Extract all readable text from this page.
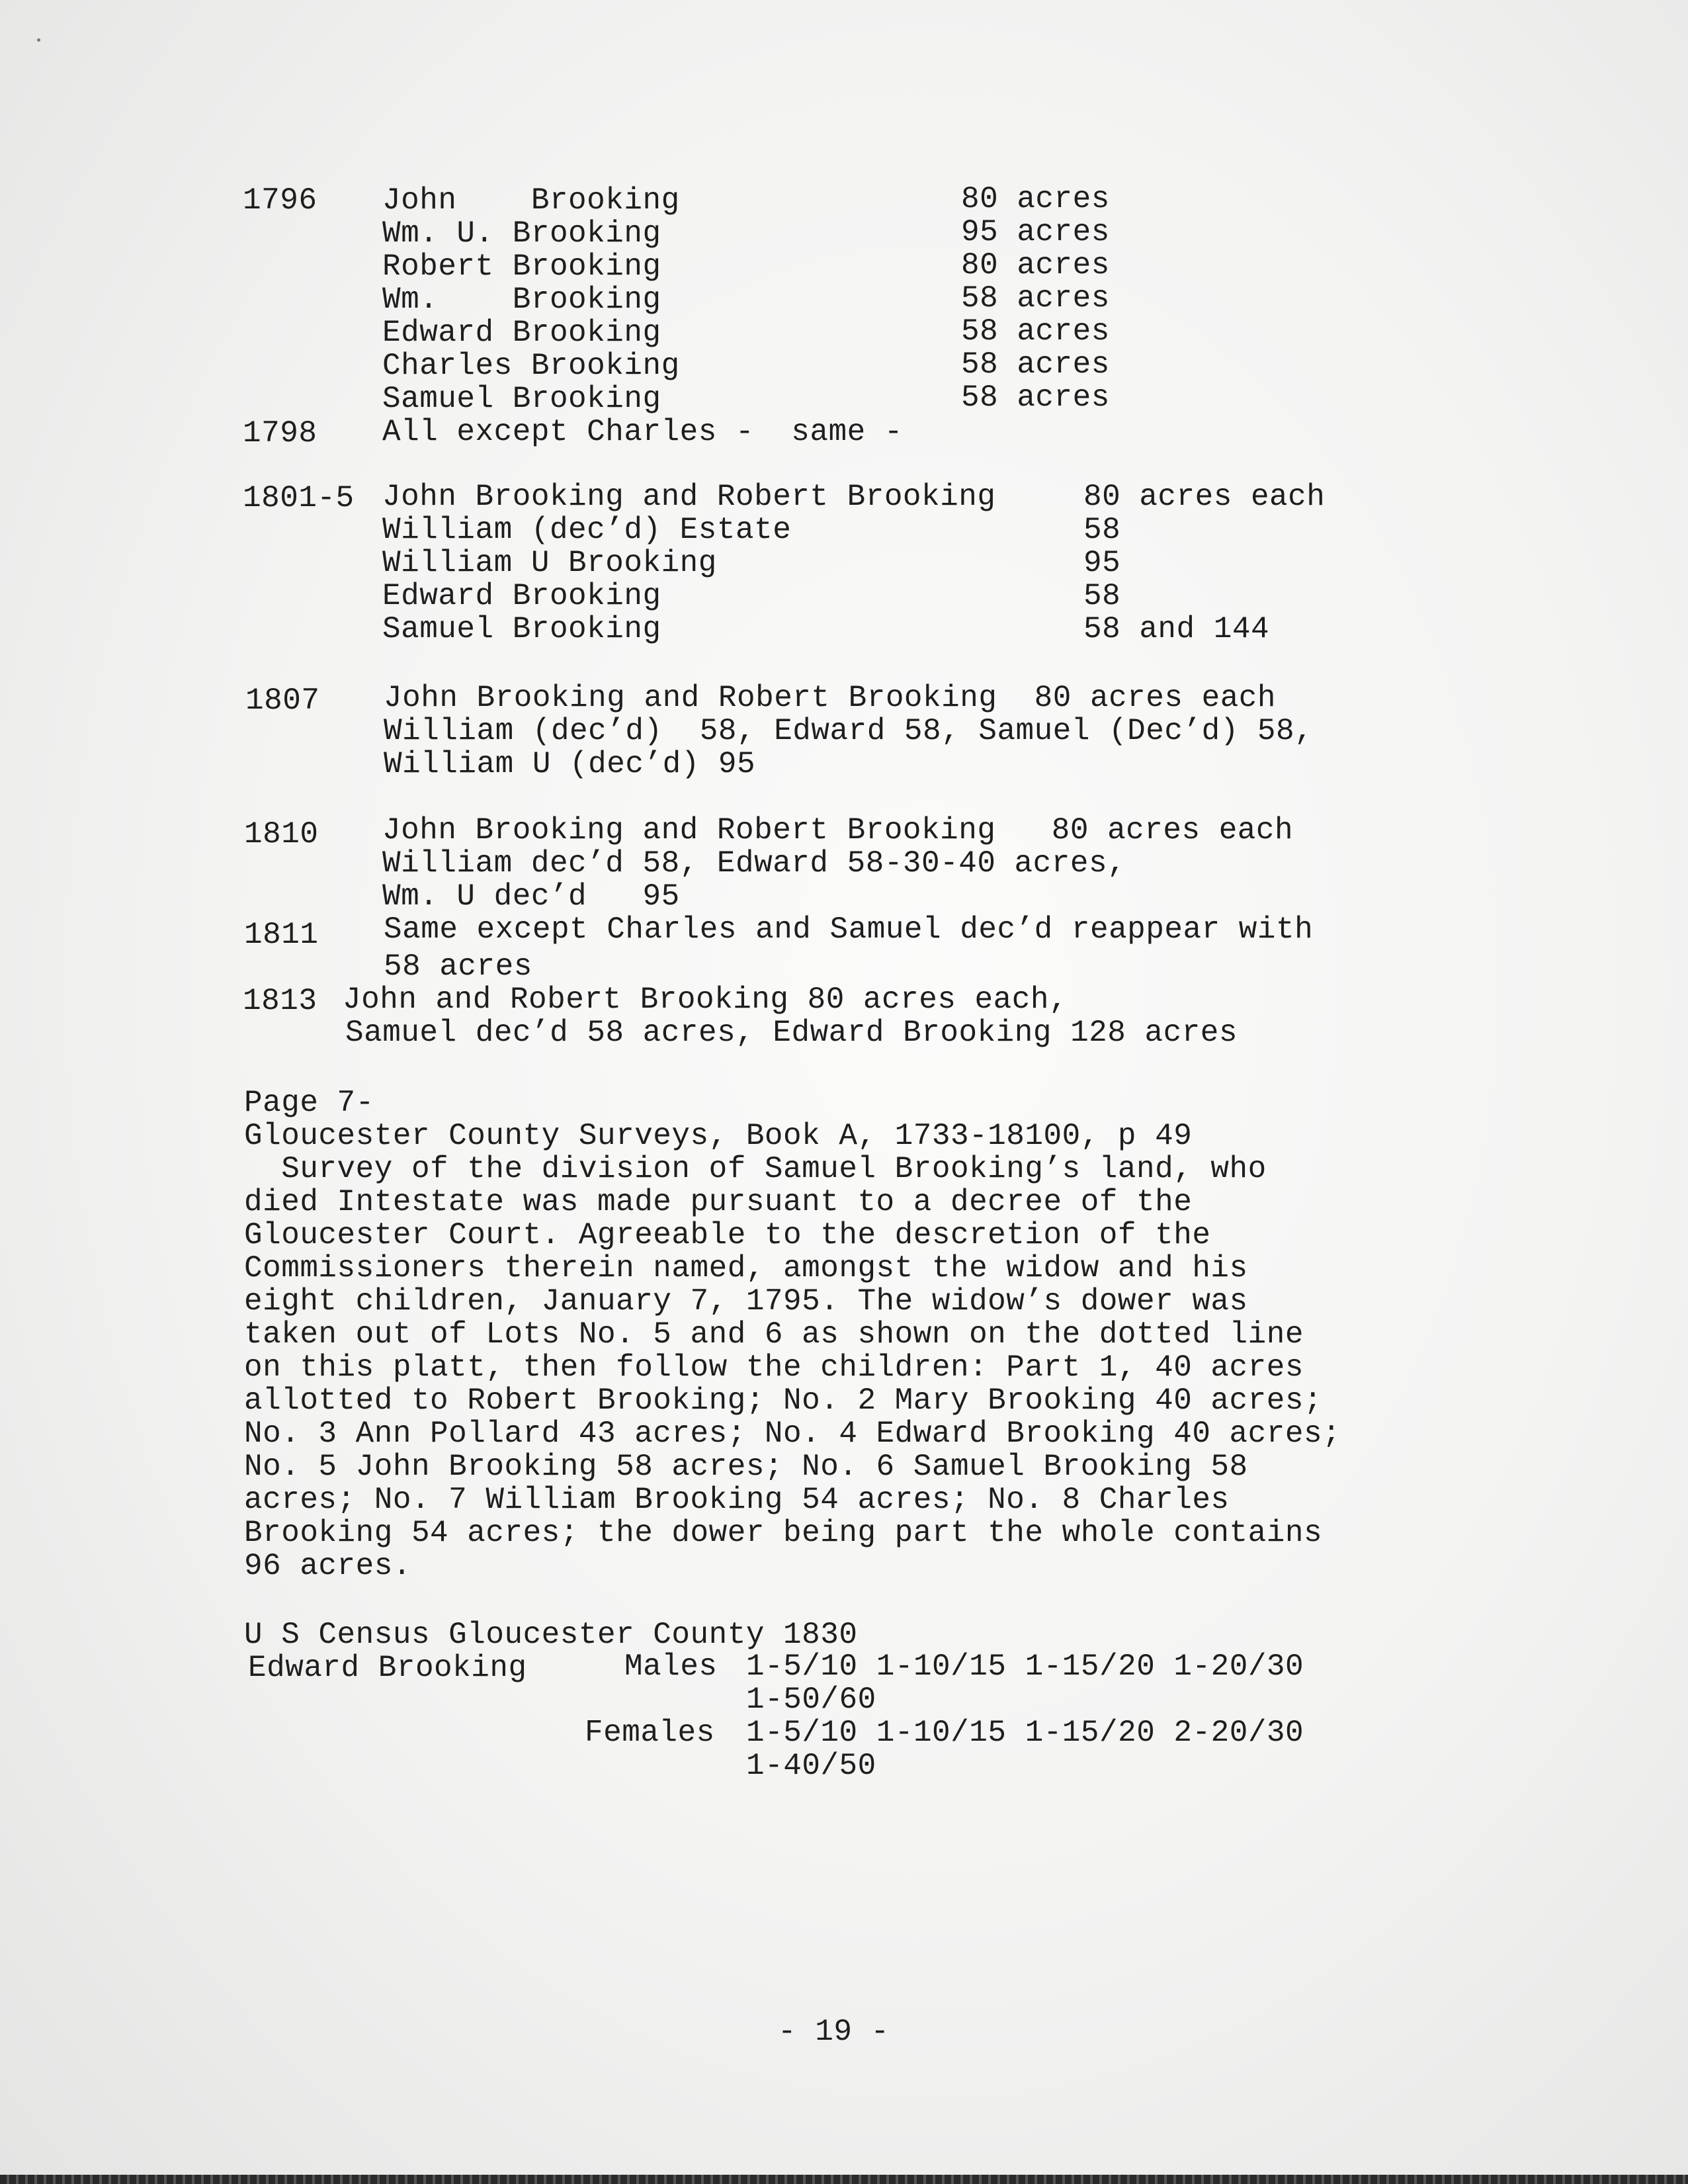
1796 John    Brooking	80 acres
Wm. U. Brooking	95 acres
Robert Brooking	80 acres
Wm.    Brooking	58 acres
Edward Brooking	58 acres
Charles Brooking	58 acres
Samuel Brooking	58 acres
1798 All except Charles -  same -
1801-5 John Brooking and Robert Brooking	80 acres each
William (dec’d) Estate	58
William U Brooking	95
Edward Brooking	58
Samuel Brooking	58 and 144
1807 John Brooking and Robert Brooking  80 acres each
William (dec’d)  58, Edward 58, Samuel (Dec’d) 58,
William U (dec’d) 95
1810 John Brooking and Robert Brooking   80 acres each
William dec’d 58, Edward 58-30-40 acres,
Wm. U dec’d   95
1811 Same except Charles and Samuel dec’d reappear with
58 acres
1813 John and Robert Brooking 80 acres each,
Samuel dec’d 58 acres, Edward Brooking 128 acres
Page 7-
Gloucester County Surveys, Book A, 1733-18100, p 49
Survey of the division of Samuel Brooking’s land, who
died Intestate was made pursuant to a decree of the
Gloucester Court. Agreeable to the descretion of the
Commissioners therein named, amongst the widow and his
eight children, January 7, 1795. The widow’s dower was
taken out of Lots No. 5 and 6 as shown on the dotted line
on this platt, then follow the children: Part 1, 40 acres
allotted to Robert Brooking; No. 2 Mary Brooking 40 acres;
No. 3 Ann Pollard 43 acres; No. 4 Edward Brooking 40 acres;
No. 5 John Brooking 58 acres; No. 6 Samuel Brooking 58
acres; No. 7 William Brooking 54 acres; No. 8 Charles
Brooking 54 acres; the dower being part the whole contains
96 acres.
U S Census Gloucester County 1830
Edward Brooking	Males 1-5/10 1-10/15 1-15/20 1-20/30
1-50/60
Females 1-5/10 1-10/15 1-15/20 2-20/30
1-40/50
- 19 -
